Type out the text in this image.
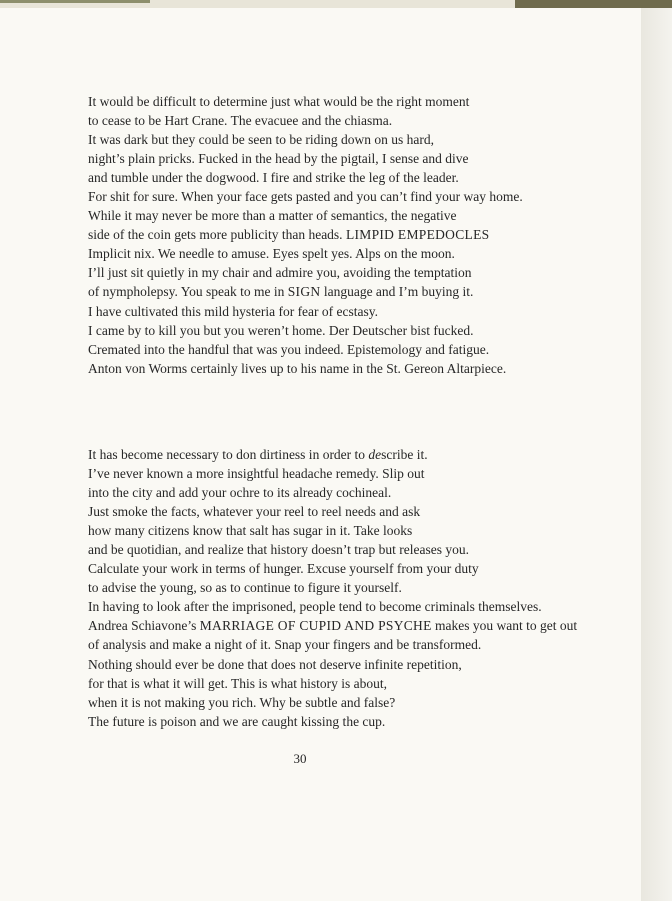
It would be difficult to determine just what would be the right moment
to cease to be Hart Crane. The evacuee and the chiasma.
It was dark but they could be seen to be riding down on us hard,
night’s plain pricks. Fucked in the head by the pigtail, I sense and dive
and tumble under the dogwood. I fire and strike the leg of the leader.
For shit for sure. When your face gets pasted and you can’t find your way home.
While it may never be more than a matter of semantics, the negative
side of the coin gets more publicity than heads. LIMPID EMPEDOCLES
Implicit nix. We needle to amuse. Eyes spelt yes. Alps on the moon.
I’ll just sit quietly in my chair and admire you, avoiding the temptation
of nympholepsy. You speak to me in SIGN language and I’m buying it.
I have cultivated this mild hysteria for fear of ecstasy.
I came by to kill you but you weren’t home. Der Deutscher bist fucked.
Cremated into the handful that was you indeed. Epistemology and fatigue.
Anton von Worms certainly lives up to his name in the St. Gereon Altarpiece.
It has become necessary to don dirtiness in order to describe it.
I’ve never known a more insightful headache remedy. Slip out
into the city and add your ochre to its already cochineal.
Just smoke the facts, whatever your reel to reel needs and ask
how many citizens know that salt has sugar in it. Take looks
and be quotidian, and realize that history doesn’t trap but releases you.
Calculate your work in terms of hunger. Excuse yourself from your duty
to advise the young, so as to continue to figure it yourself.
In having to look after the imprisoned, people tend to become criminals themselves.
Andrea Schiavone’s MARRIAGE OF CUPID AND PSYCHE makes you want to get out
of analysis and make a night of it. Snap your fingers and be transformed.
Nothing should ever be done that does not deserve infinite repetition,
for that is what it will get. This is what history is about,
when it is not making you rich. Why be subtle and false?
The future is poison and we are caught kissing the cup.
30
